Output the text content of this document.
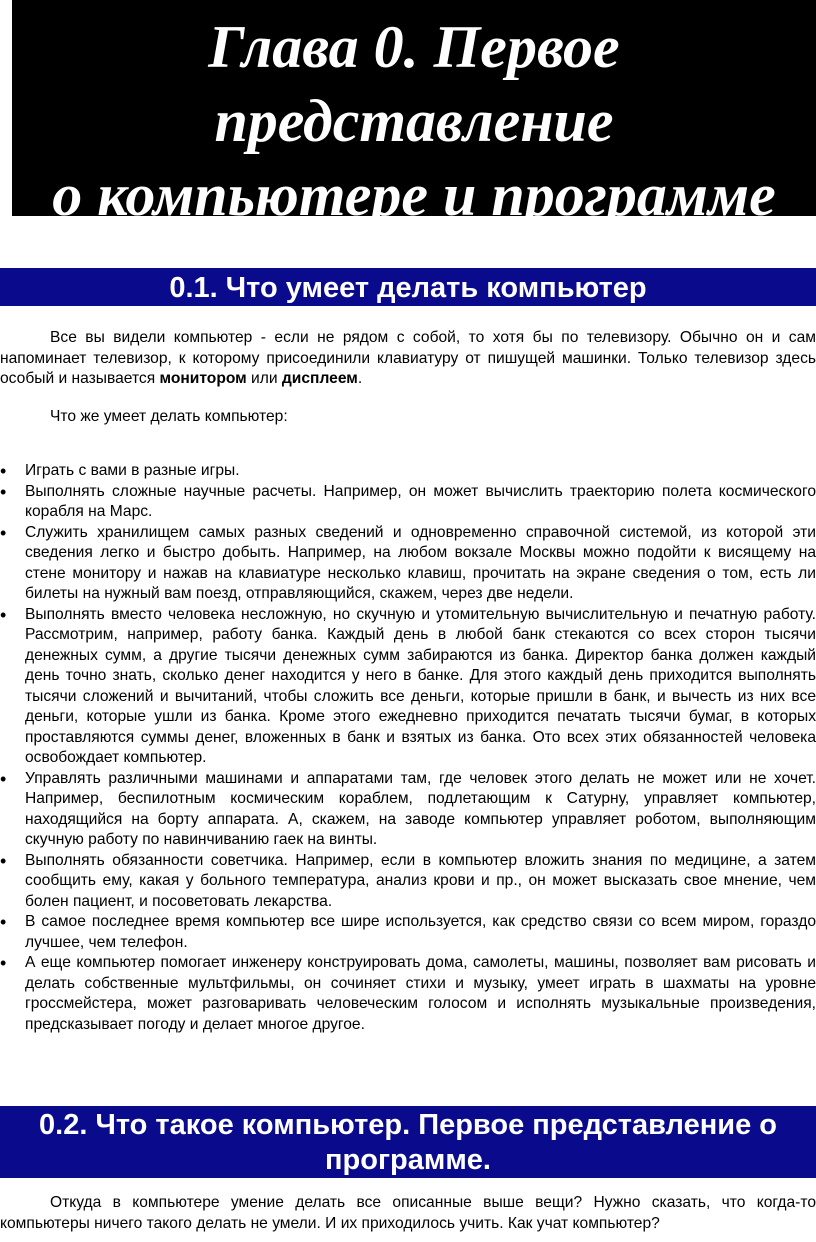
Глава 0. Первое
представление
о компьютере и программе
0.1. Что умеет делать компьютер

Все вы видели компьютер - если не рядом с собой, то хотя бы по телевизору. Обычно он и сам напоминает телевизор, к которому присоединили клавиатуру от пишущей машинки. Только телевизор здесь особый и называется монитором или дисплеем.

Что же умеет делать компьютер:

•
Играть с вами в разные игры.
•
Выполнять сложные научные расчеты. Например, он может вычислить траекторию полета космического корабля на Марс.
•
Служить хранилищем самых разных сведений и одновременно справочной системой, из которой эти сведения легко и быстро добыть. Например, на любом вокзале Москвы можно подойти к висящему на стене монитору и нажав на клавиатуре несколько клавиш, прочитать на экране сведения о том, есть ли билеты на нужный вам поезд, отправляющийся, скажем, через две недели.
•
Выполнять вместо человека несложную, но скучную и утомительную вычислительную и печатную работу. Рассмотрим, например, работу банка. Каждый день в любой банк стекаются со всех сторон тысячи денежных сумм, а другие тысячи денежных сумм забираются из банка. Директор банка должен каждый день точно знать, сколько денег находится у него в банке. Для этого каждый день приходится выполнять тысячи сложений и вычитаний, чтобы сложить все деньги, которые пришли в банк, и вычесть из них все деньги, которые ушли из банка. Кроме этого ежедневно приходится печатать тысячи бумаг, в которых проставляются суммы денег, вложенных в банк и взятых из банка. Ото всех этих обязанностей человека освобождает компьютер.
•
Управлять различными машинами и аппаратами там, где человек этого делать не может или не хочет. Например, беспилотным космическим кораблем, подлетающим к Сатурну, управляет компьютер, находящийся на борту аппарата. А, скажем, на заводе компьютер управляет роботом, выполняющим скучную работу по навинчиванию гаек на винты.
•
Выполнять обязанности советчика. Например, если в компьютер вложить знания по медицине, а затем сообщить ему, какая у больного температура, анализ крови и пр., он может высказать свое мнение, чем болен пациент, и посоветовать лекарства.
•
В самое последнее время компьютер все шире используется, как средство связи со всем миром, гораздо лучшее, чем телефон.
•
А еще компьютер помогает инженеру конструировать дома, самолеты, машины, позволяет вам рисовать и делать собственные мультфильмы, он сочиняет стихи и музыку, умеет играть в шахматы на уровне гроссмейстера, может разговаривать человеческим голосом и исполнять музыкальные произведения, предсказывает погоду и делает многое другое.
0.2. Что такое компьютер. Первое представление о
программе.

Откуда в компьютере умение делать все описанные выше вещи? Нужно сказать, что когда-то компьютеры ничего такого делать не умели. И их приходилось учить. Как учат компьютер?
